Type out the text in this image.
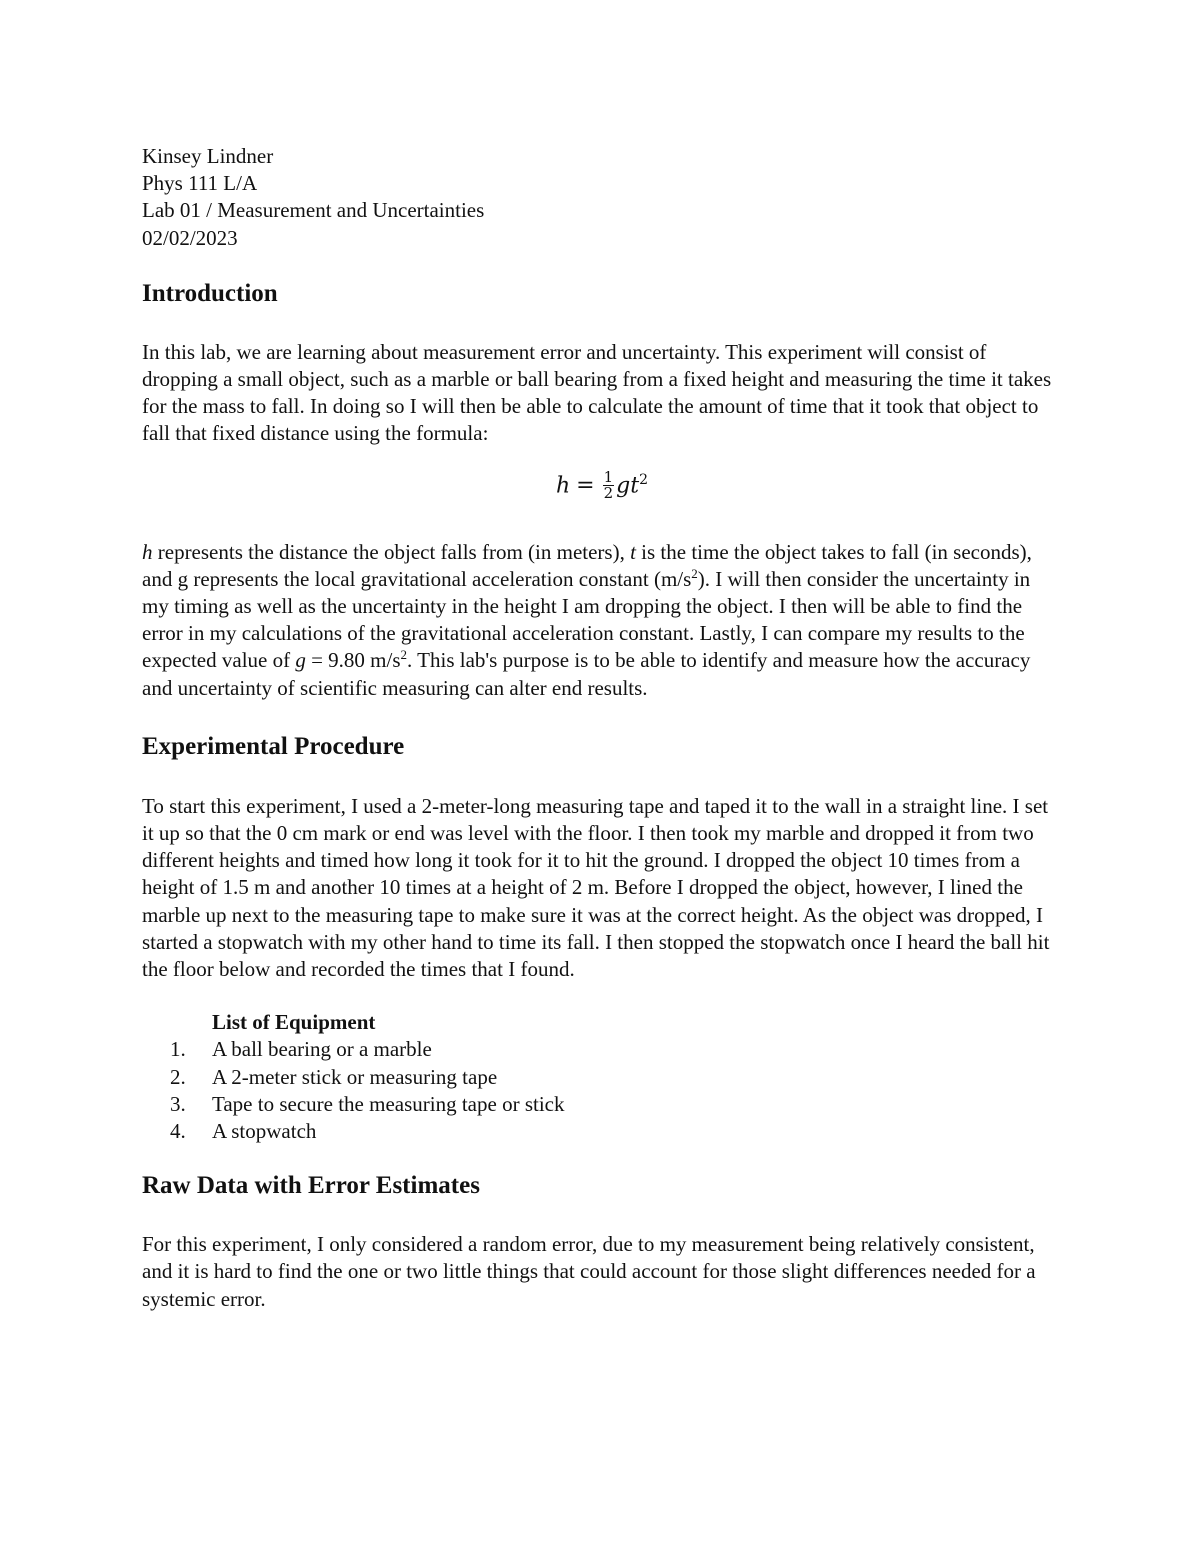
Kinsey Lindner
Phys 111 L/A
Lab 01 / Measurement and Uncertainties
02/02/2023
Introduction

In this lab, we are learning about measurement error and uncertainty. This experiment will consist of dropping a small object, such as a marble or ball bearing from a fixed height and measuring the time it takes for the mass to fall. In doing so I will then be able to calculate the amount of time that it took that object to fall that fixed distance using the formula:

$h = \frac{1}{2} gt^2$

h represents the distance the object falls from (in meters), t is the time the object takes to fall (in seconds), and g represents the local gravitational acceleration constant $(m/s^2)$. I will then consider the uncertainty in my timing as well as the uncertainty in the height I am dropping the object. I then will be able to find the error in my calculations of the gravitational acceleration constant. Lastly, I can compare my results to the expected value of g = 9.80 $m/s^2$. This lab's purpose is to be able to identify and measure how the accuracy and uncertainty of scientific measuring can alter end results.

Experimental Procedure

To start this experiment, I used a 2-meter-long measuring tape and taped it to the wall in a straight line. I set it up so that the 0 cm mark or end was level with the floor. I then took my marble and dropped it from two different heights and timed how long it took for it to hit the ground. I dropped the object 10 times from a height of 1.5 m and another 10 times at a height of 2 m. Before I dropped the object, however, I lined the marble up next to the measuring tape to make sure it was at the correct height. As the object was dropped, I started a stopwatch with my other hand to time its fall. I then stopped the stopwatch once I heard the ball hit the floor below and recorded the times that I found.

List of Equipment
1. A ball bearing or a marble
2. A 2-meter stick or measuring tape
3. Tape to secure the measuring tape or stick
4. A stopwatch
Raw Data with Error Estimates

For this experiment, I only considered a random error, due to my measurement being relatively consistent, and it is hard to find the one or two little things that could account for those slight differences needed for a systemic error.
